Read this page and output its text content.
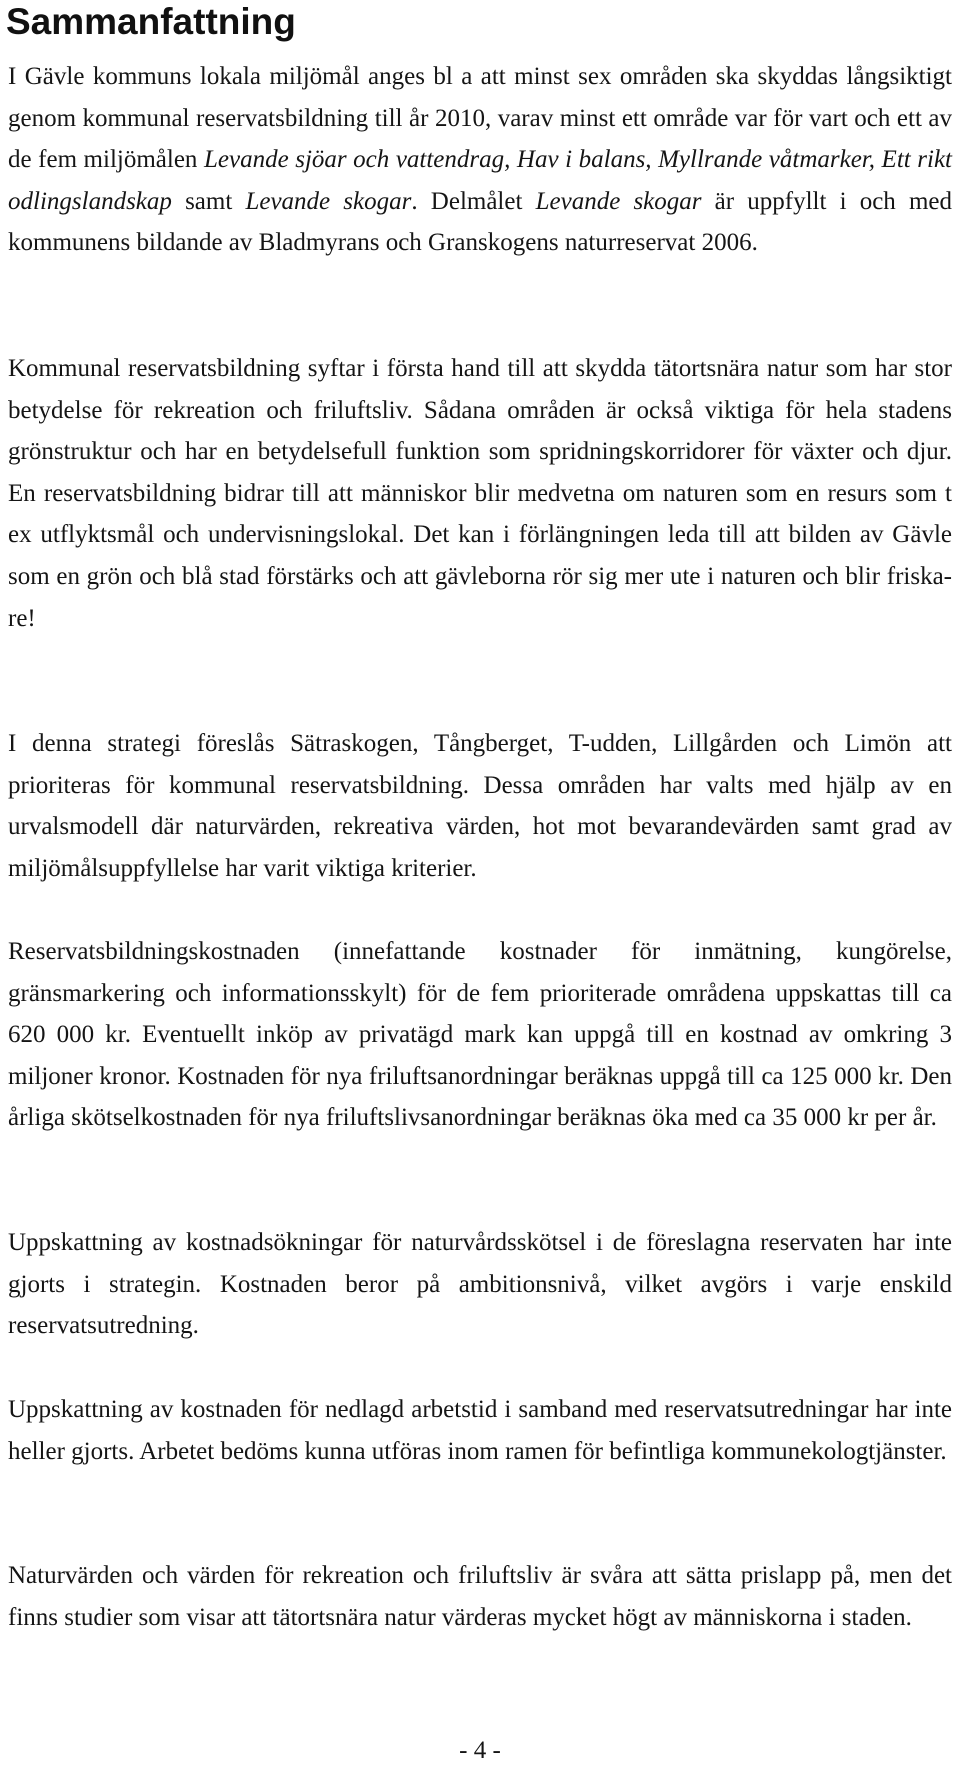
Sammanfattning

I Gävle kommuns lokala miljömål anges bl a att minst sex områden ska skyddas långsiktigt genom kommunal reservatsbildning till år 2010, varav minst ett område var för vart och ett av de fem miljömålen Levande sjöar och vattendrag, Hav i balans, Myllrande våtmarker, Ett rikt odlingslandskap samt Levande skogar. Delmålet Levande skogar är uppfyllt i och med kommunens bildande av Bladmyrans och Granskogens naturreservat 2006.

Kommunal reservatsbildning syftar i första hand till att skydda tätortsnära natur som har stor betydelse för rekreation och friluftsliv. Sådana områden är också viktiga för hela stadens grönstruktur och har en betydelsefull funktion som spridningskorridorer för växter och djur. En reservatsbildning bidrar till att människor blir medvetna om naturen som en resurs som t ex utflyktsmål och undervisningslokal. Det kan i förlängningen leda till att bilden av Gävle som en grön och blå stad förstärks och att gävleborna rör sig mer ute i naturen och blir friskare!

I denna strategi föreslås Sätraskogen, Tångberget, T-udden, Lillgården och Limön att prioriteras för kommunal reservatsbildning. Dessa områden har valts med hjälp av en urvalsmodell där naturvärden, rekreativa värden, hot mot bevarandevärden samt grad av miljömålsuppfyllelse har varit viktiga kriterier.

Reservatsbildningskostnaden (innefattande kostnader för inmätning, kungörelse, gränsmarkering och informationsskylt) för de fem prioriterade områdena uppskattas till ca 620 000 kr. Eventuellt inköp av privatägd mark kan uppgå till en kostnad av omkring 3 miljoner kronor. Kostnaden för nya friluftsanordningar beräknas uppgå till ca 125 000 kr. Den årliga skötselkostnaden för nya friluftslivsanordningar beräknas öka med ca 35 000 kr per år.

Uppskattning av kostnadsökningar för naturvårdsskötsel i de föreslagna reservaten har inte gjorts i strategin. Kostnaden beror på ambitionsnivå, vilket avgörs i varje enskild reservatsutredning.

Uppskattning av kostnaden för nedlagd arbetstid i samband med reservatsutredningar har inte heller gjorts. Arbetet bedöms kunna utföras inom ramen för befintliga kommunekologtjänster.

Naturvärden och värden för rekreation och friluftsliv är svåra att sätta prislapp på, men det finns studier som visar att tätortsnära natur värderas mycket högt av människorna i staden.

- 4 -
